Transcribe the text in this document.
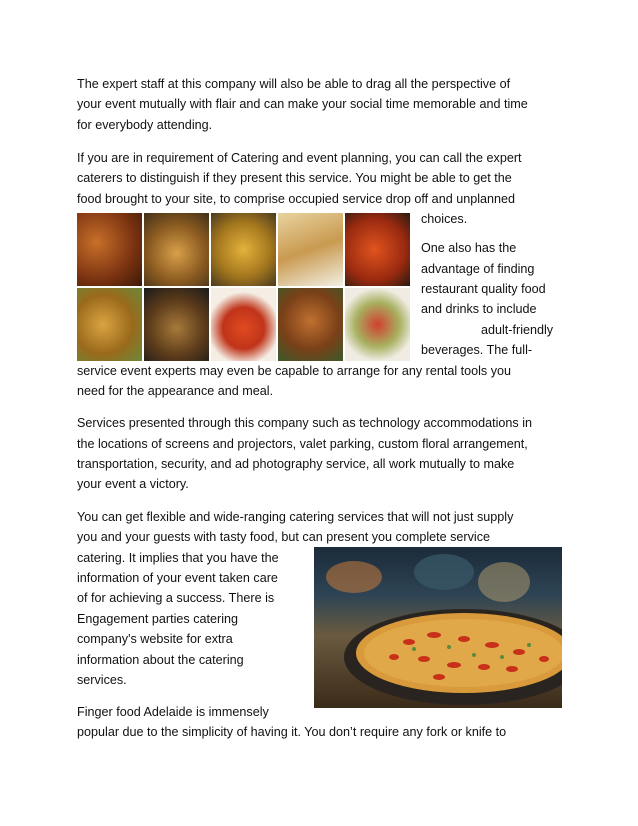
The expert staff at this company will also be able to drag all the perspective of
your event mutually with flair and can make your social time memorable and time
for everybody attending.
If you are in requirement of Catering and event planning, you can call the expert
caterers to distinguish if they present this service. You might be able to get the
food brought to your site, to comprise occupied service drop off and unplanned
choices.
One also has the
advantage of finding
restaurant quality food
and drinks to include
adult-friendly
beverages. The full-
service event experts may even be capable to arrange for any rental tools you
need for the appearance and meal.
Services presented through this company such as technology accommodations in
the locations of screens and projectors, valet parking, custom floral arrangement,
transportation, security, and ad photography service, all work mutually to make
your event a victory.
You can get flexible and wide-ranging catering services that will not just supply
you and your guests with tasty food, but can present you complete service
catering. It implies that you have the
information of your event taken care
of for achieving a success. There is
Engagement parties catering
company's website for extra
information about the catering
services.
Finger food Adelaide is immensely
popular due to the simplicity of having it. You don’t require any fork or knife to
